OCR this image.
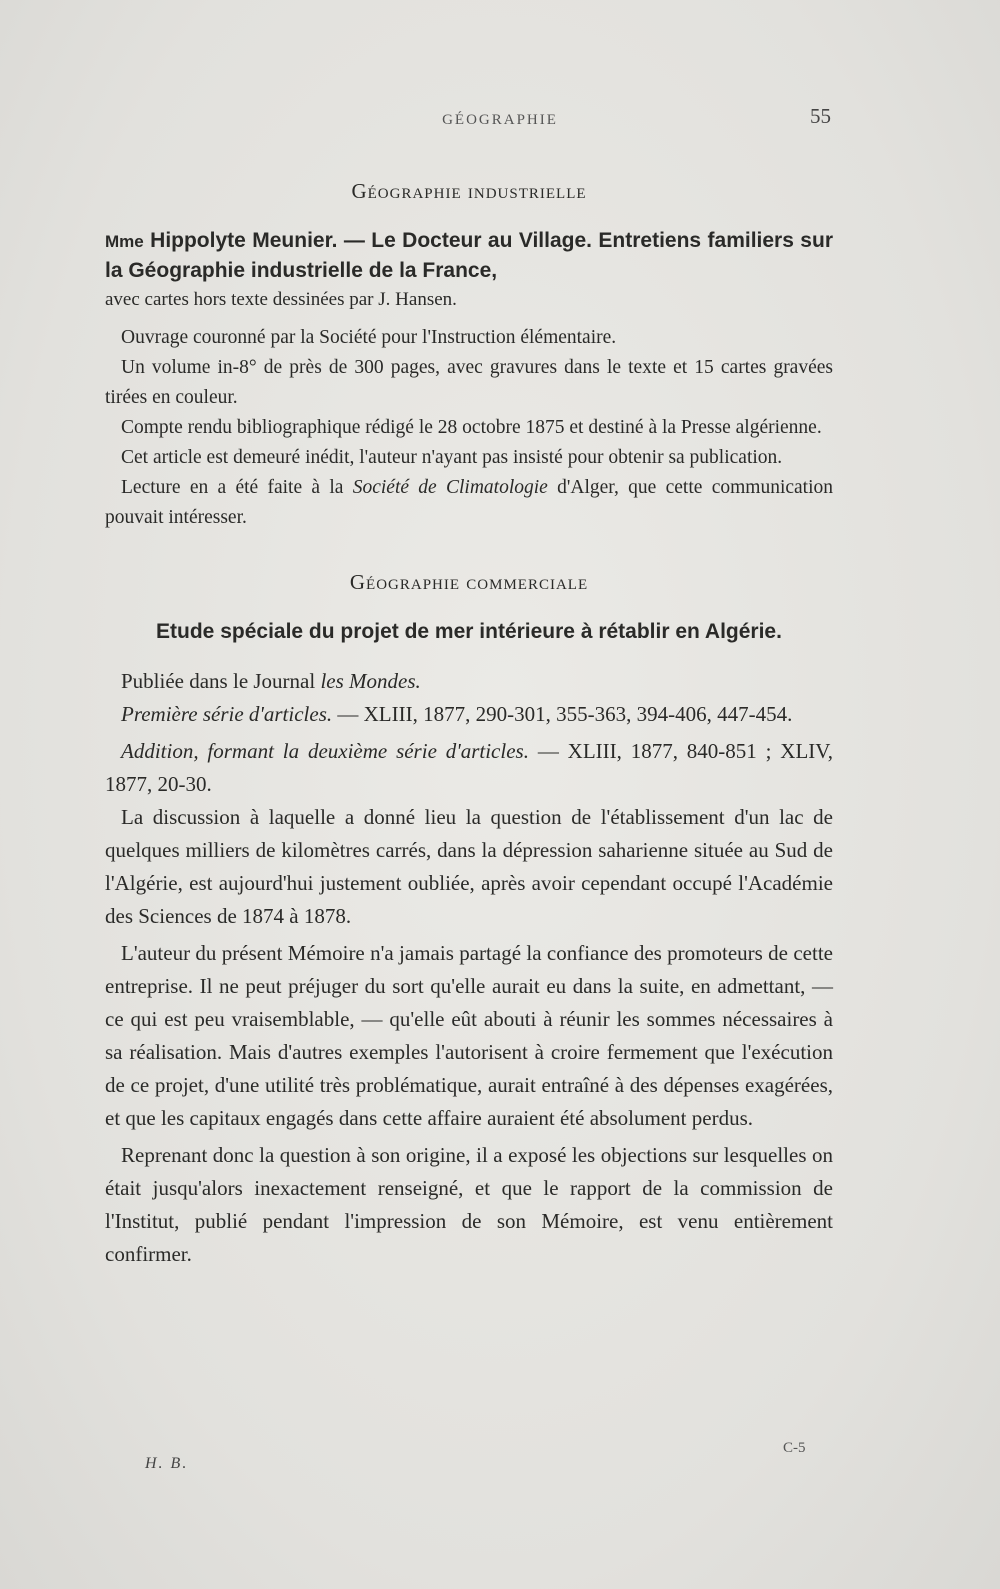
GÉOGRAPHIE	55
Géographie industrielle

Mme Hippolyte Meunier. — Le Docteur au Village. Entretiens familiers sur la Géographie industrielle de la France,

avec cartes hors texte dessinées par J. Hansen.

Ouvrage couronné par la Société pour l'Instruction élémentaire.

Un volume in-8° de près de 300 pages, avec gravures dans le texte et 15 cartes gravées tirées en couleur.

Compte rendu bibliographique rédigé le 28 octobre 1875 et destiné à la Presse algérienne.

Cet article est demeuré inédit, l'auteur n'ayant pas insisté pour obtenir sa publication.

Lecture en a été faite à la Société de Climatologie d'Alger, que cette communication pouvait intéresser.

Géographie commerciale
Etude spéciale du projet de mer intérieure à rétablir en Algérie.

Publiée dans le Journal les Mondes.

Première série d'articles. — XLIII, 1877, 290-301, 355-363, 394-406, 447-454.

Addition, formant la deuxième série d'articles. — XLIII, 1877, 840-851 ; XLIV, 1877, 20-30.

La discussion à laquelle a donné lieu la question de l'établissement d'un lac de quelques milliers de kilomètres carrés, dans la dépression saharienne située au Sud de l'Algérie, est aujourd'hui justement oubliée, après avoir cependant occupé l'Académie des Sciences de 1874 à 1878.

L'auteur du présent Mémoire n'a jamais partagé la confiance des promoteurs de cette entreprise. Il ne peut préjuger du sort qu'elle aurait eu dans la suite, en admettant, — ce qui est peu vraisemblable, — qu'elle eût abouti à réunir les sommes nécessaires à sa réalisation. Mais d'autres exemples l'autorisent à croire fermement que l'exécution de ce projet, d'une utilité très problématique, aurait entraîné à des dépenses exagérées, et que les capitaux engagés dans cette affaire auraient été absolument perdus.

Reprenant donc la question à son origine, il a exposé les objections sur lesquelles on était jusqu'alors inexactement renseigné, et que le rapport de la commission de l'Institut, publié pendant l'impression de son Mémoire, est venu entièrement confirmer.

H. B.
C-5
